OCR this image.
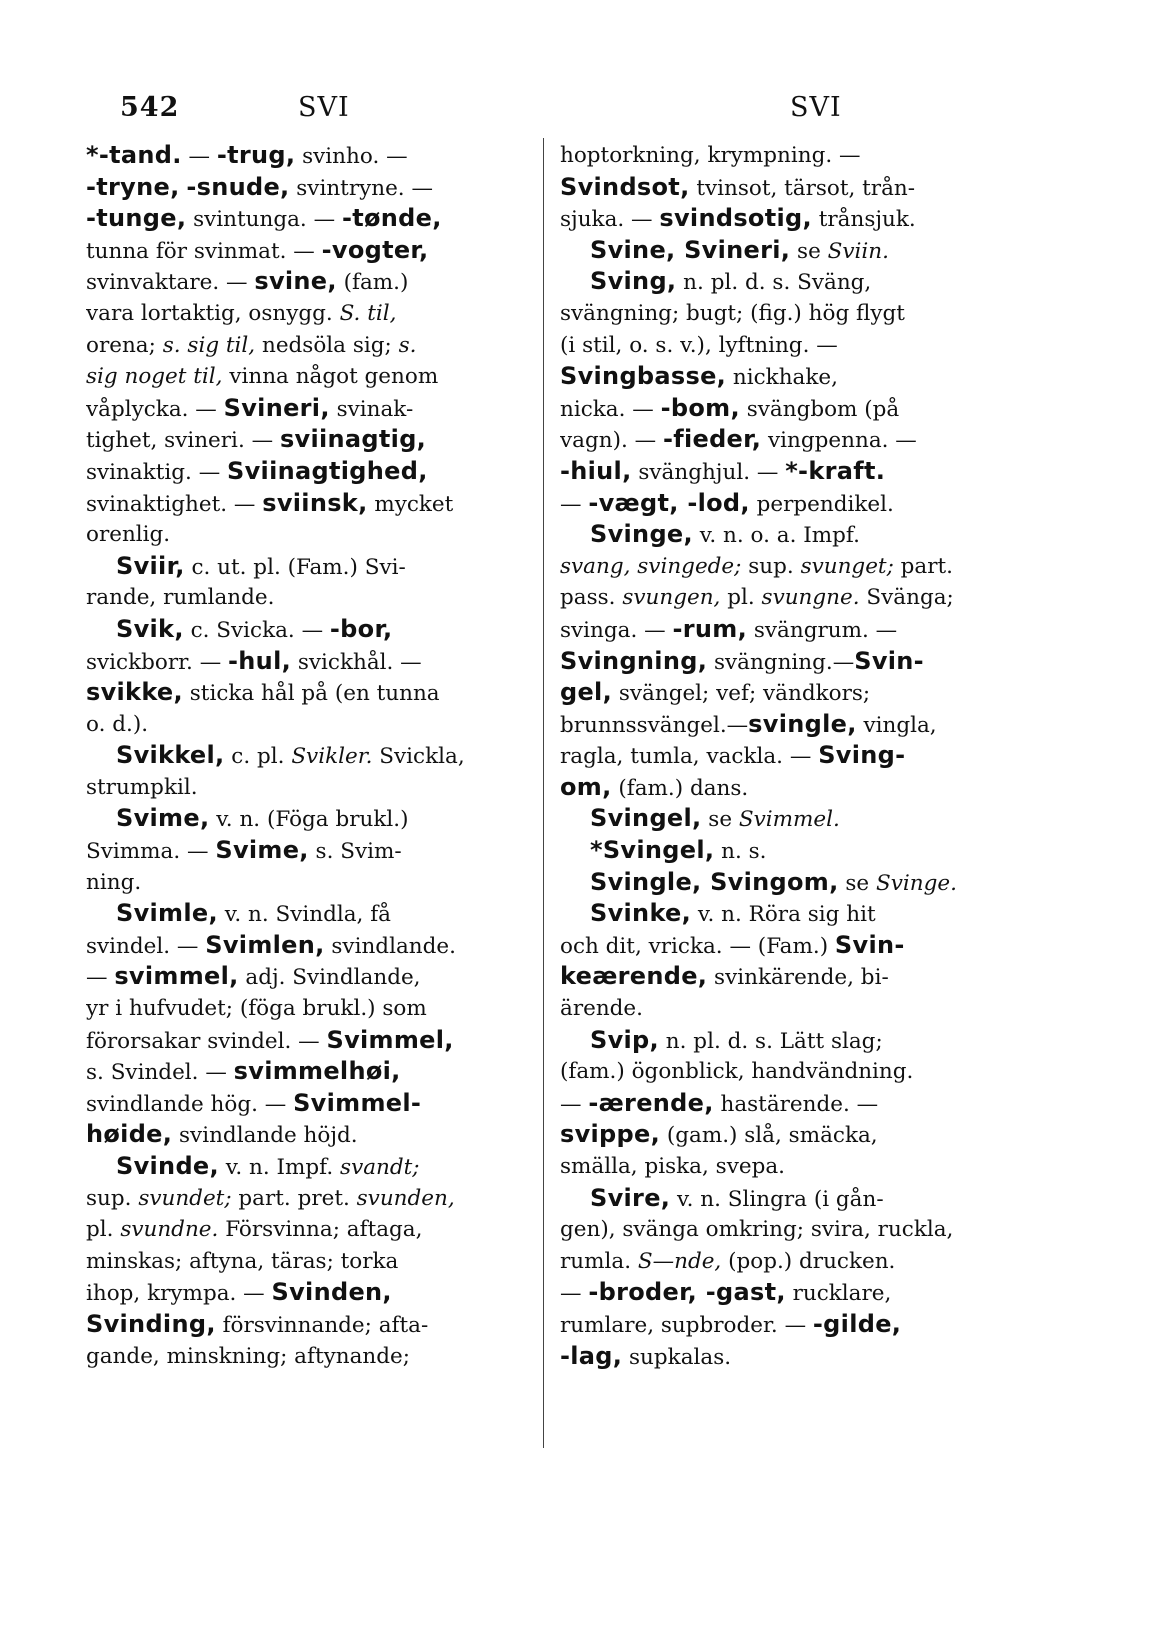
542	SVI	SVI
*-tand. — -trug, svinho. —
-tryne, -snude, svintryne. —
-tunge, svintunga. — -tønde,
tunna för svinmat. — -vogter,
svinvaktare. — svine, (fam.)
vara lortaktig, osnygg. S. til,
orena; s. sig til, nedsöla sig; s.
sig noget til, vinna något genom
våplycka. — Svineri, svinak-
tighet, svineri. — sviinagtig,
svinaktig. — Sviinagtighed,
svinaktighet. — sviinsk, mycket
orenlig.
Sviir, c. ut. pl. (Fam.) Svi-
rande, rumlande.
Svik, c. Svicka. — -bor,
svickborr. — -hul, svickhål. —
svikke, sticka hål på (en tunna
o. d.).
Svikkel, c. pl. Svikler. Svickla,
strumpkil.
Svime, v. n. (Föga brukl.)
Svimma. — Svime, s. Svim-
ning.
Svimle, v. n. Svindla, få
svindel. — Svimlen, svindlande.
— svimmel, adj. Svindlande,
yr i hufvudet; (föga brukl.) som
förorsakar svindel. — Svimmel,
s. Svindel. — svimmelhøi,
svindlande hög. — Svimmel-
høide, svindlande höjd.
Svinde, v. n. Impf. svandt;
sup. svundet; part. pret. svunden,
pl. svundne. Försvinna; aftaga,
minskas; aftyna, täras; torka
ihop, krympa. — Svinden,
Svinding, försvinnande; afta-
gande, minskning; aftynande;
hoptorkning, krympning. —
Svindsot, tvinsot, tärsot, trån-
sjuka. — svindsotig, trånsjuk.
Svine, Svineri, se Sviin.
Sving, n. pl. d. s. Sväng,
svängning; bugt; (fig.) hög flygt
(i stil, o. s. v.), lyftning. —
Svingbasse, nickhake,
nicka. — -bom, svängbom (på
vagn). — -fieder, vingpenna. —
-hiul, svänghjul. — *-kraft.
— -vægt, -lod, perpendikel.
Svinge, v. n. o. a. Impf.
svang, svingede; sup. svunget; part.
pass. svungen, pl. svungne. Svänga;
svinga. — -rum, svängrum. —
Svingning, svängning.—Svin-
gel, svängel; vef; vändkors;
brunnssvängel.—svingle, vingla,
ragla, tumla, vackla. — Sving-
om, (fam.) dans.
Svingel, se Svimmel.
*Svingel, n. s.
Svingle, Svingom, se Svinge.
Svinke, v. n. Röra sig hit
och dit, vricka. — (Fam.) Svin-
keærende, svinkärende, bi-
ärende.
Svip, n. pl. d. s. Lätt slag;
(fam.) ögonblick, handvändning.
— -ærende, hastärende. —
svippe, (gam.) slå, smäcka,
smälla, piska, svepa.
Svire, v. n. Slingra (i gån-
gen), svänga omkring; svira, ruckla,
rumla. S—nde, (pop.) drucken.
— -broder, -gast, rucklare,
rumlare, supbroder. — -gilde,
-lag, supkalas.
